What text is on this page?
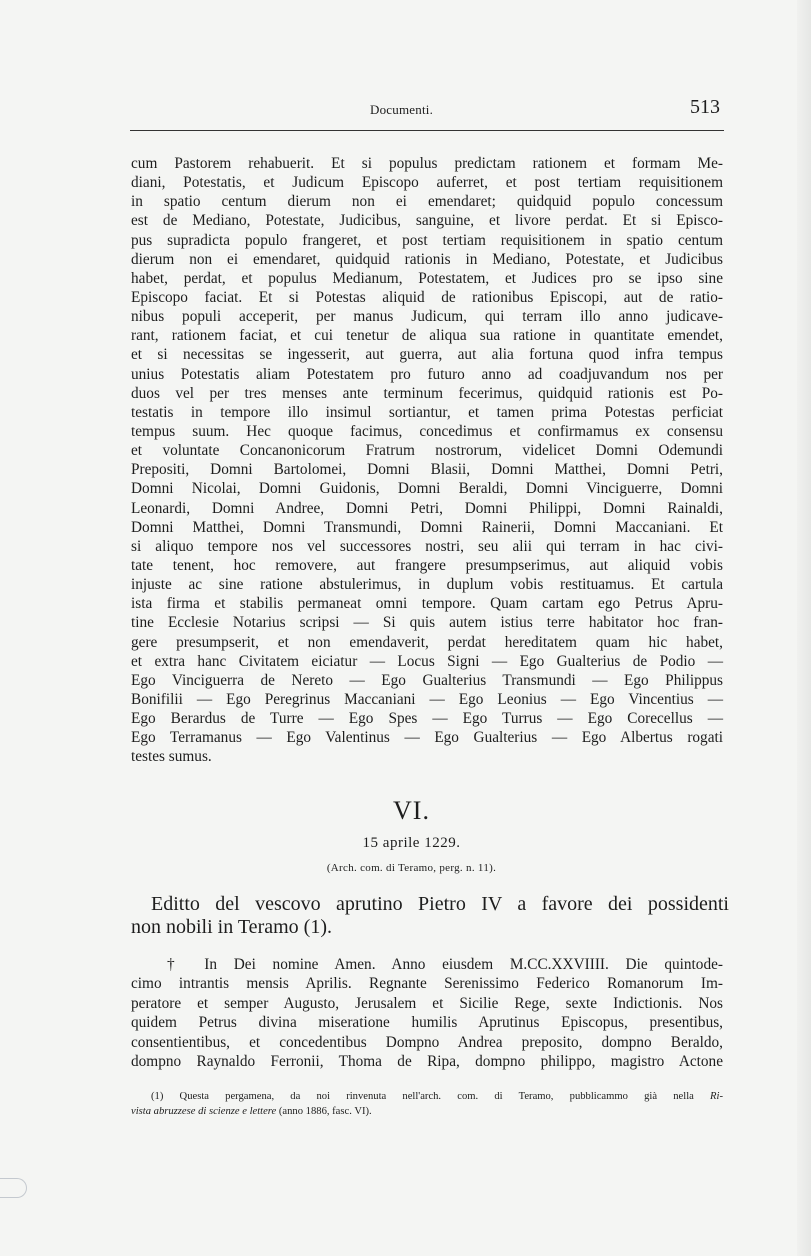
Documenti.	513
cum Pastorem rehabuerit. Et si populus predictam rationem et formam Me-
diani, Potestatis, et Judicum Episcopo auferret, et post tertiam requisitionem
in spatio centum dierum non ei emendaret; quidquid populo concessum
est de Mediano, Potestate, Judicibus, sanguine, et livore perdat. Et si Episco-
pus supradicta populo frangeret, et post tertiam requisitionem in spatio centum
dierum non ei emendaret, quidquid rationis in Mediano, Potestate, et Judicibus
habet, perdat, et populus Medianum, Potestatem, et Judices pro se ipso sine
Episcopo faciat. Et si Potestas aliquid de rationibus Episcopi, aut de ratio-
nibus populi acceperit, per manus Judicum, qui terram illo anno judicave-
rant, rationem faciat, et cui tenetur de aliqua sua ratione in quantitate emendet,
et si necessitas se ingesserit, aut guerra, aut alia fortuna quod infra tempus
unius Potestatis aliam Potestatem pro futuro anno ad coadjuvandum nos per
duos vel per tres menses ante terminum fecerimus, quidquid rationis est Po-
testatis in tempore illo insimul sortiantur, et tamen prima Potestas perficiat
tempus suum. Hec quoque facimus, concedimus et confirmamus ex consensu
et voluntate Concanonicorum Fratrum nostrorum, videlicet Domni Odemundi
Prepositi, Domni Bartolomei, Domni Blasii, Domni Matthei, Domni Petri,
Domni Nicolai, Domni Guidonis, Domni Beraldi, Domni Vinciguerre, Domni
Leonardi, Domni Andree, Domni Petri, Domni Philippi, Domni Rainaldi,
Domni Matthei, Domni Transmundi, Domni Rainerii, Domni Maccaniani. Et
si aliquo tempore nos vel successores nostri, seu alii qui terram in hac civi-
tate tenent, hoc removere, aut frangere presumpserimus, aut aliquid vobis
injuste ac sine ratione abstulerimus, in duplum vobis restituamus. Et cartula
ista firma et stabilis permaneat omni tempore. Quam cartam ego Petrus Apru-
tine Ecclesie Notarius scripsi — Si quis autem istius terre habitator hoc fran-
gere presumpserit, et non emendaverit, perdat hereditatem quam hic habet,
et extra hanc Civitatem eiciatur — Locus Signi — Ego Gualterius de Podio —
Ego Vinciguerra de Nereto — Ego Gualterius Transmundi — Ego Philippus
Bonifilii — Ego Peregrinus Maccaniani — Ego Leonius — Ego Vincentius —
Ego Berardus de Turre — Ego Spes — Ego Turrus — Ego Corecellus —
Ego Terramanus — Ego Valentinus — Ego Gualterius — Ego Albertus rogati
testes sumus.
VI.
15 aprile 1229.
(Arch. com. di Teramo, perg. n. 11).
Editto del vescovo aprutino Pietro IV a favore dei possidenti
non nobili in Teramo (1).
† In Dei nomine Amen. Anno eiusdem M.CC.XXVIIII. Die quintode-
cimo intrantis mensis Aprilis. Regnante Serenissimo Federico Romanorum Im-
peratore et semper Augusto, Jerusalem et Sicilie Rege, sexte Indictionis. Nos
quidem Petrus divina miseratione humilis Aprutinus Episcopus, presentibus,
consentientibus, et concedentibus Dompno Andrea preposito, dompno Beraldo,
dompno Raynaldo Ferronii, Thoma de Ripa, dompno philippo, magistro Actone
(1) Questa pergamena, da noi rinvenuta nell'arch. com. di Teramo, pubblicammo già nella Ri-
vista abruzzese di scienze e lettere (anno 1886, fasc. VI).
